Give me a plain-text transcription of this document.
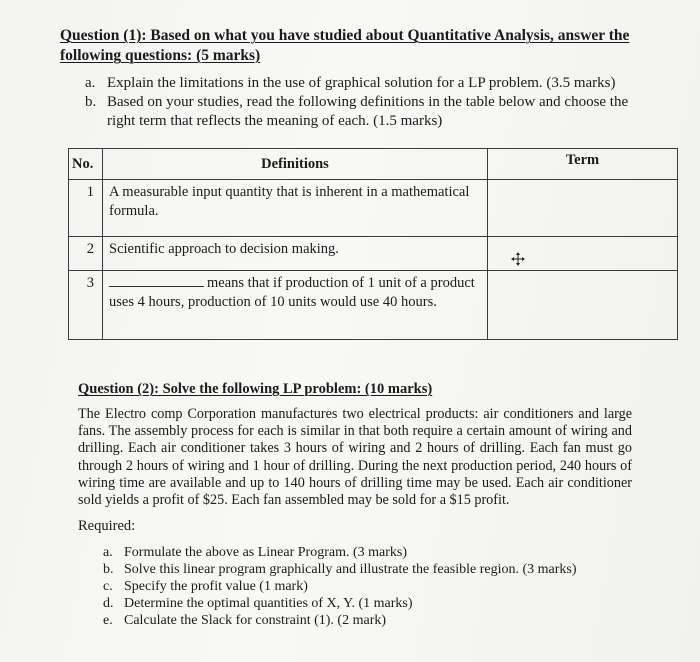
Question (1): Based on what you have studied about Quantitative Analysis, answer the following questions: (5 marks)
a. Explain the limitations in the use of graphical solution for a LP problem. (3.5 marks)
b. Based on your studies, read the following definitions in the table below and choose the right term that reflects the meaning of each. (1.5 marks)
No.	Definitions	Term
1	A measurable input quantity that is inherent in a mathematical formula.	
2	Scientific approach to decision making.	
3	means that if production of 1 unit of a product
uses 4 hours, production of 10 units would use 40 hours.	

Question (2): Solve the following LP problem: (10 marks)
The Electro comp Corporation manufactures two electrical products: air conditioners and large fans. The assembly process for each is similar in that both require a certain amount of wiring and drilling. Each air conditioner takes 3 hours of wiring and 2 hours of drilling. Each fan must go through 2 hours of wiring and 1 hour of drilling. During the next production period, 240 hours of wiring time are available and up to 140 hours of drilling time may be used. Each air conditioner sold yields a profit of $25. Each fan assembled may be sold for a $15 profit.
Required:
a. Formulate the above as Linear Program. (3 marks)
b. Solve this linear program graphically and illustrate the feasible region. (3 marks)
c. Specify the profit value (1 mark)
d. Determine the optimal quantities of X, Y. (1 marks)
e. Calculate the Slack for constraint (1). (2 mark)
